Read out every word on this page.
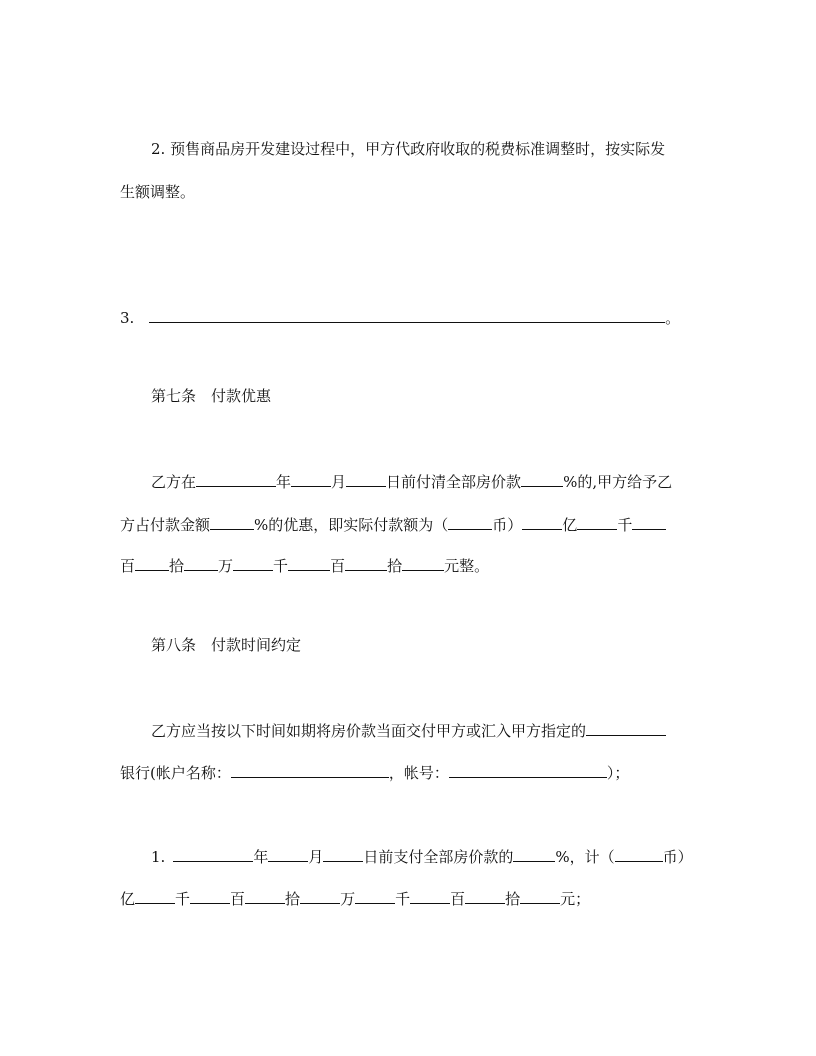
2. 预售商品房开发建设过程中，甲方代政府收取的税费标准调整时，按实际发
生额调整。
3.	。
第七条　付款优惠
乙方在	年	月	日前付清全部房价款	%的,甲方给予乙
方占付款金额	%的优惠，即实际付款额为（	币）	亿	千
百 拾 万	千	百	拾	元整。
第八条　付款时间约定
乙方应当按以下时间如期将房价款当面交付甲方或汇入甲方指定的
银行(帐户名称：	，帐号：	）；
1.	年	月	日前支付全部房价款的	%，计（	币）
亿	千	百	拾	万	千	百	拾	元；
